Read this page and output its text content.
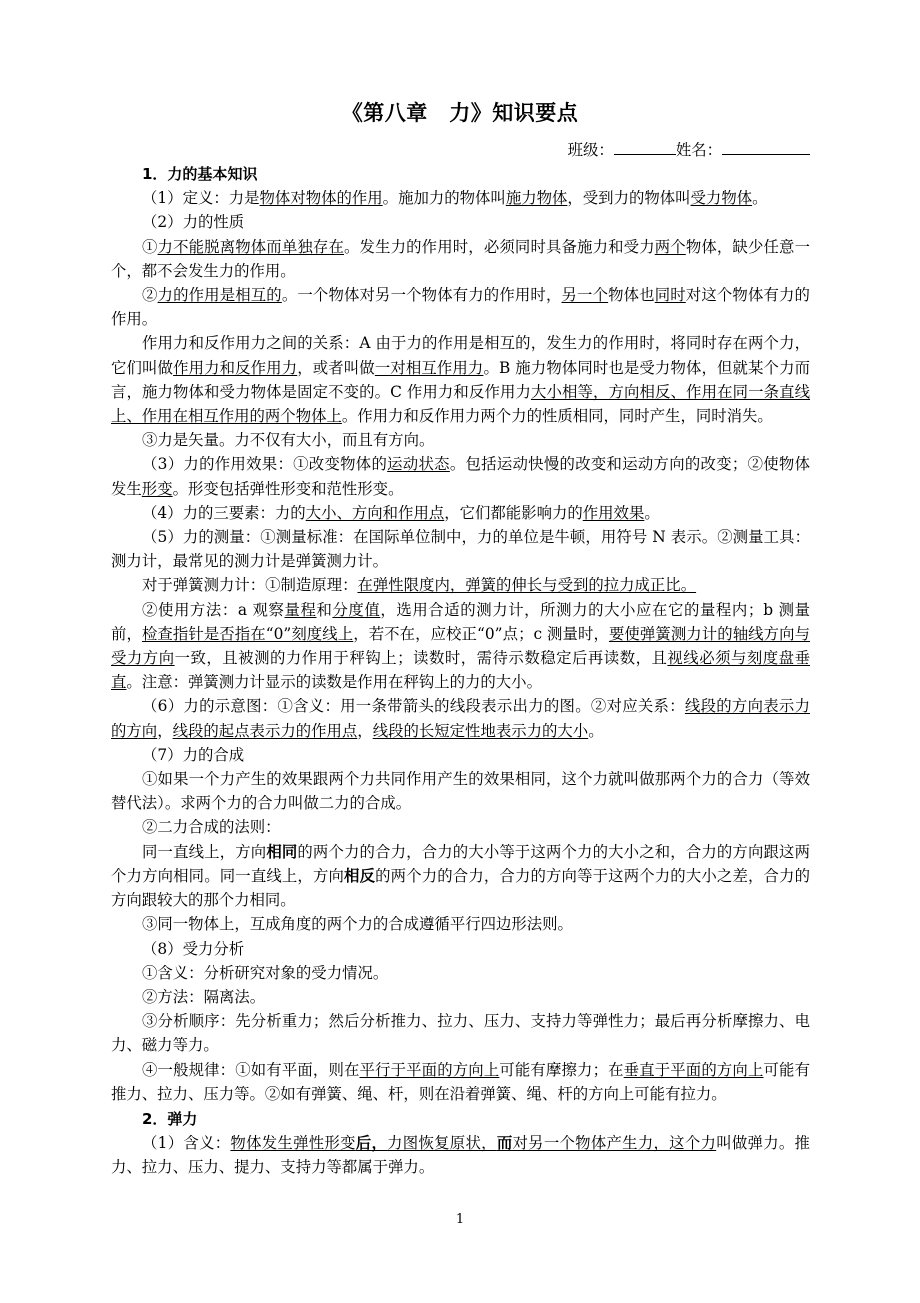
《第八章　力》知识要点
班级：	姓名：

1．力的基本知识

（1）定义：力是物体对物体的作用。施加力的物体叫施力物体，受到力的物体叫受力物体。

（2）力的性质

①力不能脱离物体而单独存在。发生力的作用时，必须同时具备施力和受力两个物体，缺少任意一个，都不会发生力的作用。

②力的作用是相互的。一个物体对另一个物体有力的作用时，另一个物体也同时对这个物体有力的作用。

作用力和反作用力之间的关系：A 由于力的作用是相互的，发生力的作用时，将同时存在两个力，它们叫做作用力和反作用力，或者叫做一对相互作用力。B 施力物体同时也是受力物体，但就某个力而言，施力物体和受力物体是固定不变的。C 作用力和反作用力大小相等，方向相反、作用在同一条直线上、作用在相互作用的两个物体上。作用力和反作用力两个力的性质相同，同时产生，同时消失。

③力是矢量。力不仅有大小，而且有方向。

（3）力的作用效果：①改变物体的运动状态。包括运动快慢的改变和运动方向的改变；②使物体发生形变。形变包括弹性形变和范性形变。

（4）力的三要素：力的大小、方向和作用点，它们都能影响力的作用效果。

（5）力的测量：①测量标准：在国际单位制中，力的单位是牛顿，用符号 N 表示。②测量工具：测力计，最常见的测力计是弹簧测力计。

对于弹簧测力计：①制造原理：在弹性限度内，弹簧的伸长与受到的拉力成正比。

②使用方法：a 观察量程和分度值，选用合适的测力计，所测力的大小应在它的量程内；b 测量前，检查指针是否指在“0”刻度线上，若不在，应校正“0”点；c 测量时，要使弹簧测力计的轴线方向与受力方向一致，且被测的力作用于秤钩上；读数时，需待示数稳定后再读数，且视线必须与刻度盘垂直。注意：弹簧测力计显示的读数是作用在秤钩上的力的大小。

（6）力的示意图：①含义：用一条带箭头的线段表示出力的图。②对应关系：线段的方向表示力的方向，线段的起点表示力的作用点，线段的长短定性地表示力的大小。

（7）力的合成

①如果一个力产生的效果跟两个力共同作用产生的效果相同，这个力就叫做那两个力的合力（等效替代法）。求两个力的合力叫做二力的合成。

②二力合成的法则：

同一直线上，方向相同的两个力的合力，合力的大小等于这两个力的大小之和，合力的方向跟这两个力方向相同。同一直线上，方向相反的两个力的合力，合力的方向等于这两个力的大小之差，合力的方向跟较大的那个力相同。

③同一物体上，互成角度的两个力的合成遵循平行四边形法则。

（8）受力分析

①含义：分析研究对象的受力情况。

②方法：隔离法。

③分析顺序：先分析重力；然后分析推力、拉力、压力、支持力等弹性力；最后再分析摩擦力、电力、磁力等力。

④一般规律：①如有平面，则在平行于平面的方向上可能有摩擦力；在垂直于平面的方向上可能有推力、拉力、压力等。②如有弹簧、绳、杆，则在沿着弹簧、绳、杆的方向上可能有拉力。

2．弹力

（1）含义：物体发生弹性形变后，力图恢复原状，而对另一个物体产生力，这个力叫做弹力。推力、拉力、压力、提力、支持力等都属于弹力。

1
